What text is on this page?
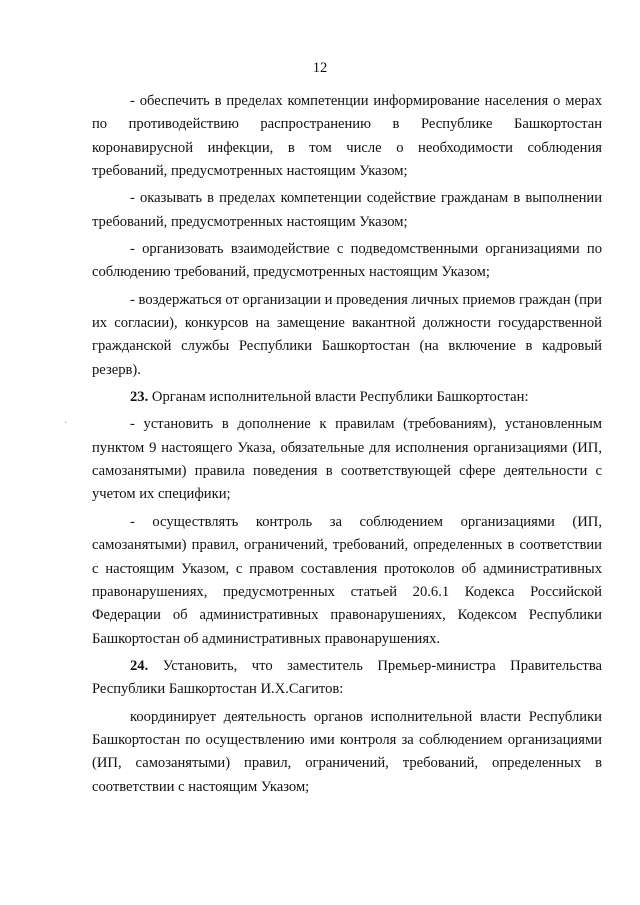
12
·

- обеспечить в пределах компетенции информирование населения о мерах по противодействию распространению в Республике Башкортостан коронавирусной инфекции, в том числе о необходимости соблюдения требований, предусмотренных настоящим Указом;

- оказывать в пределах компетенции содействие гражданам в выполнении требований, предусмотренных настоящим Указом;

- организовать взаимодействие с подведомственными организациями по соблюдению требований, предусмотренных настоящим Указом;

- воздержаться от организации и проведения личных приемов граждан (при их согласии), конкурсов на замещение вакантной должности государственной гражданской службы Республики Башкортостан (на включение в кадровый резерв).

23. Органам исполнительной власти Республики Башкортостан:

- установить в дополнение к правилам (требованиям), установленным пунктом 9 настоящего Указа, обязательные для исполнения организациями (ИП, самозанятыми) правила поведения в соответствующей сфере деятельности с учетом их специфики;

- осуществлять контроль за соблюдением организациями (ИП, самозанятыми) правил, ограничений, требований, определенных в соответствии с настоящим Указом, с правом составления протоколов об административных правонарушениях, предусмотренных статьей 20.6.1 Кодекса Российской Федерации об административных правонарушениях, Кодексом Республики Башкортостан об административных правонарушениях.

24. Установить, что заместитель Премьер-министра Правительства Республики Башкортостан И.Х.Сагитов:

координирует деятельность органов исполнительной власти Республики Башкортостан по осуществлению ими контроля за соблюдением организациями (ИП, самозанятыми) правил, ограничений, требований, определенных в соответствии с настоящим Указом;
